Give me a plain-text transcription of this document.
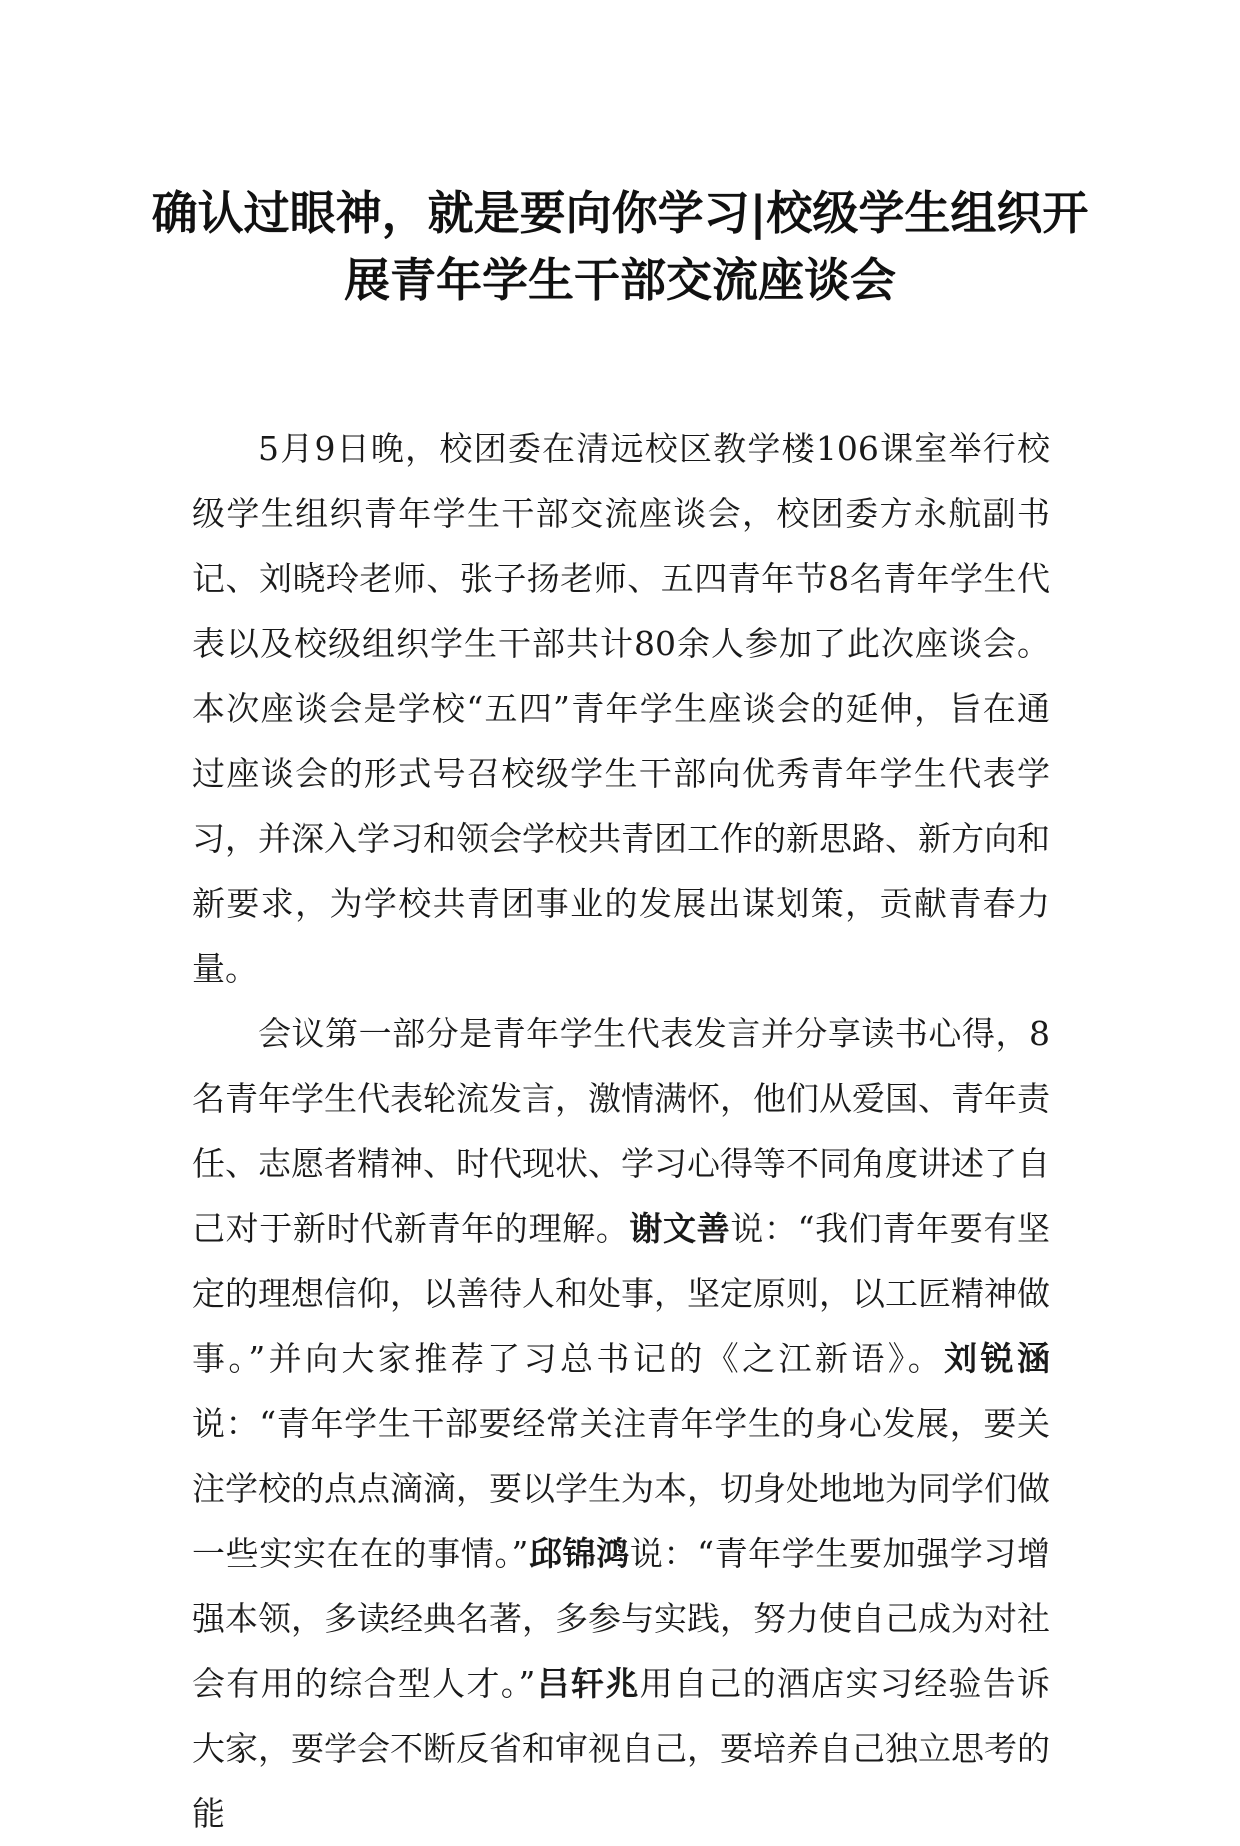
确认过眼神，就是要向你学习|校级学生组织开展青年学生干部交流座谈会

5月9日晚，校团委在清远校区教学楼106课室举行校级学生组织青年学生干部交流座谈会，校团委方永航副书记、刘晓玲老师、张子扬老师、五四青年节8名青年学生代表以及校级组织学生干部共计80余人参加了此次座谈会。本次座谈会是学校“五四”青年学生座谈会的延伸，旨在通过座谈会的形式号召校级学生干部向优秀青年学生代表学习，并深入学习和领会学校共青团工作的新思路、新方向和新要求，为学校共青团事业的发展出谋划策，贡献青春力量。

会议第一部分是青年学生代表发言并分享读书心得，8名青年学生代表轮流发言，激情满怀，他们从爱国、青年责任、志愿者精神、时代现状、学习心得等不同角度讲述了自己对于新时代新青年的理解。谢文善说：“我们青年要有坚定的理想信仰，以善待人和处事，坚定原则，以工匠精神做事。”并向大家推荐了习总书记的《之江新语》。刘锐涵说：“青年学生干部要经常关注青年学生的身心发展，要关注学校的点点滴滴，要以学生为本，切身处地地为同学们做一些实实在在的事情。”邱锦鸿说：“青年学生要加强学习增强本领，多读经典名著，多参与实践，努力使自己成为对社会有用的综合型人才。”吕轩兆用自己的酒店实习经验告诉大家，要学会不断反省和审视自己，要培养自己独立思考的能
